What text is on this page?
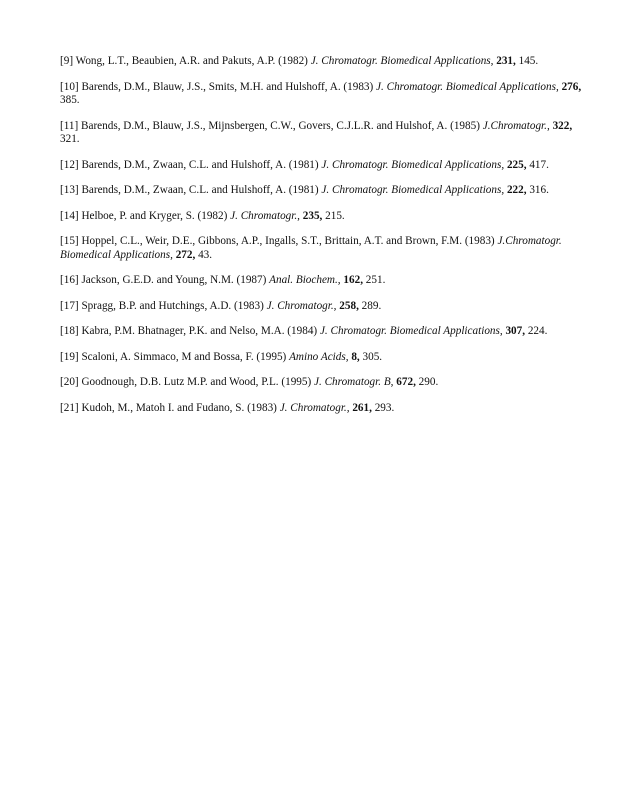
[9] Wong, L.T., Beaubien, A.R. and Pakuts, A.P. (1982) J. Chromatogr. Biomedical Applications, 231, 145.

[10] Barends, D.M., Blauw, J.S., Smits, M.H. and Hulshoff, A. (1983) J. Chromatogr. Biomedical Applications, 276, 385.

[11] Barends, D.M., Blauw, J.S., Mijnsbergen, C.W., Govers, C.J.L.R. and Hulshof, A. (1985) J.Chromatogr., 322, 321.

[12] Barends, D.M., Zwaan, C.L. and Hulshoff, A. (1981) J. Chromatogr. Biomedical Applications, 225, 417.

[13] Barends, D.M., Zwaan, C.L. and Hulshoff, A. (1981) J. Chromatogr. Biomedical Applications, 222, 316.

[14] Helboe, P. and Kryger, S. (1982) J. Chromatogr., 235, 215.

[15] Hoppel, C.L., Weir, D.E., Gibbons, A.P., Ingalls, S.T., Brittain, A.T. and Brown, F.M. (1983) J.Chromatogr. Biomedical Applications, 272, 43.

[16] Jackson, G.E.D. and Young, N.M. (1987) Anal. Biochem., 162, 251.

[17] Spragg, B.P. and Hutchings, A.D. (1983) J. Chromatogr., 258, 289.

[18] Kabra, P.M. Bhatnager, P.K. and Nelso, M.A. (1984) J. Chromatogr. Biomedical Applications, 307, 224.

[19] Scaloni, A. Simmaco, M and Bossa, F. (1995) Amino Acids, 8, 305.

[20] Goodnough, D.B. Lutz M.P. and Wood, P.L. (1995) J. Chromatogr. B, 672, 290.

[21] Kudoh, M., Matoh I. and Fudano, S. (1983) J. Chromatogr., 261, 293.
